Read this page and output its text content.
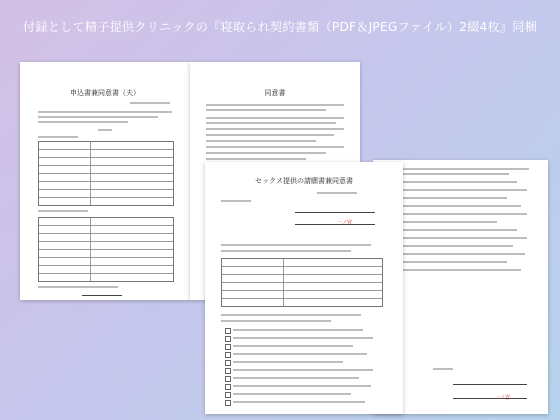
付録として精子提供クリニックの『寝取られ契約書類（PDF＆JPEGファイル）2綴4枚』同梱
申込書兼同意書（夫）	同意書
一ノ宮
セックス提供の請願書兼同意書
一ノ宮
